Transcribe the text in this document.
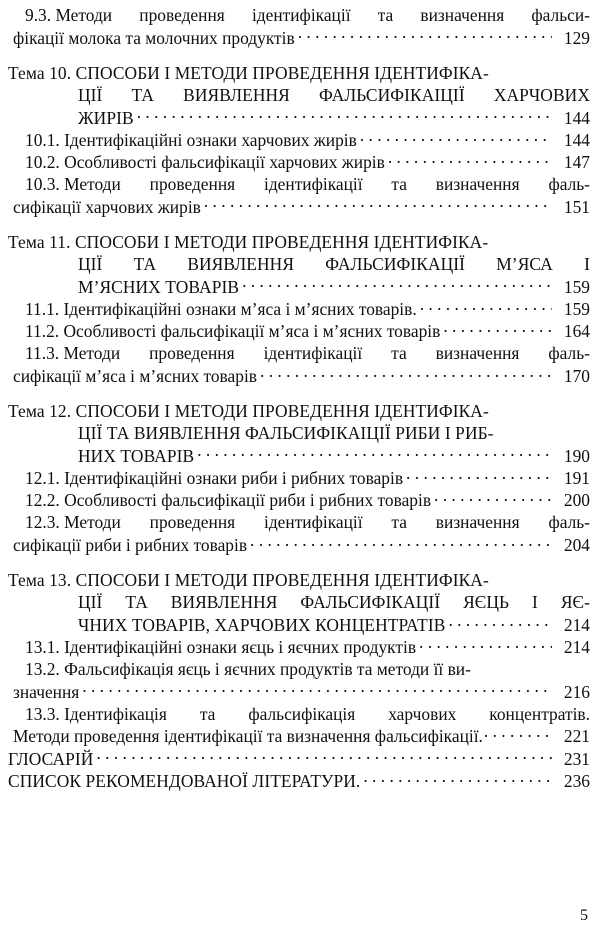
9.3. Методи проведення ідентифікації та визначення фальси-
фікації молока та молочних продуктів . . .	129
Тема 10. СПОСОБИ І МЕТОДИ ПРОВЕДЕННЯ ІДЕНТИФІКА-
ЦІЇ ТА ВИЯВЛЕННЯ ФАЛЬСИФІКАІЦІЇ ХАРЧОВИХ
ЖИРІВ . . .	144
10.1. Ідентифікаційні ознаки харчових жирів . . .	144
10.2. Особливості фальсифікації харчових жирів . . .	147
10.3. Методи проведення ідентифікації та визначення фаль-
сифікації харчових жирів . . .	151
Тема 11. СПОСОБИ І МЕТОДИ ПРОВЕДЕННЯ ІДЕНТИФІКА-
ЦІЇ ТА ВИЯВЛЕННЯ ФАЛЬСИФІКАЦІЇ М’ЯСА І
М’ЯСНИХ ТОВАРІВ . . .	159
11.1. Ідентифікаційні ознаки м’яса і м’ясних товарів. . . .	159
11.2. Особливості фальсифікації м’яса і м’ясних товарів . . .	164
11.3. Методи проведення ідентифікації та визначення фаль-
сифікації м’яса і м’ясних товарів . . .	170
Тема 12. СПОСОБИ І МЕТОДИ ПРОВЕДЕННЯ ІДЕНТИФІКА-
ЦІЇ ТА ВИЯВЛЕННЯ ФАЛЬСИФІКАІЦІЇ РИБИ І РИБ-
НИХ ТОВАРІВ . . .	190
12.1. Ідентифікаційні ознаки риби і рибних товарів . . .	191
12.2. Особливості фальсифікації риби і рибних товарів . . .	200
12.3. Методи проведення ідентифікації та визначення фаль-
сифікації риби і рибних товарів . . .	204
Тема 13. СПОСОБИ І МЕТОДИ ПРОВЕДЕННЯ ІДЕНТИФІКА-
ЦІЇ ТА ВИЯВЛЕННЯ ФАЛЬСИФІКАЦІЇ ЯЄЦЬ І ЯЄ-
ЧНИХ ТОВАРІВ, ХАРЧОВИХ КОНЦЕНТРАТІВ . . .	214
13.1. Ідентифікаційні ознаки яєць і яєчних продуктів . . .	214
13.2. Фальсифікація яєць і яєчних продуктів та методи її ви-
значення . . .	216
13.3. Ідентифікація та фальсифікація харчових концентратів.
Методи проведення ідентифікації та визначення фальсифікації. . . .	221
ГЛОСАРІЙ . . .	231
СПИСОК РЕКОМЕНДОВАНОЇ ЛІТЕРАТУРИ. . . .	236
5
